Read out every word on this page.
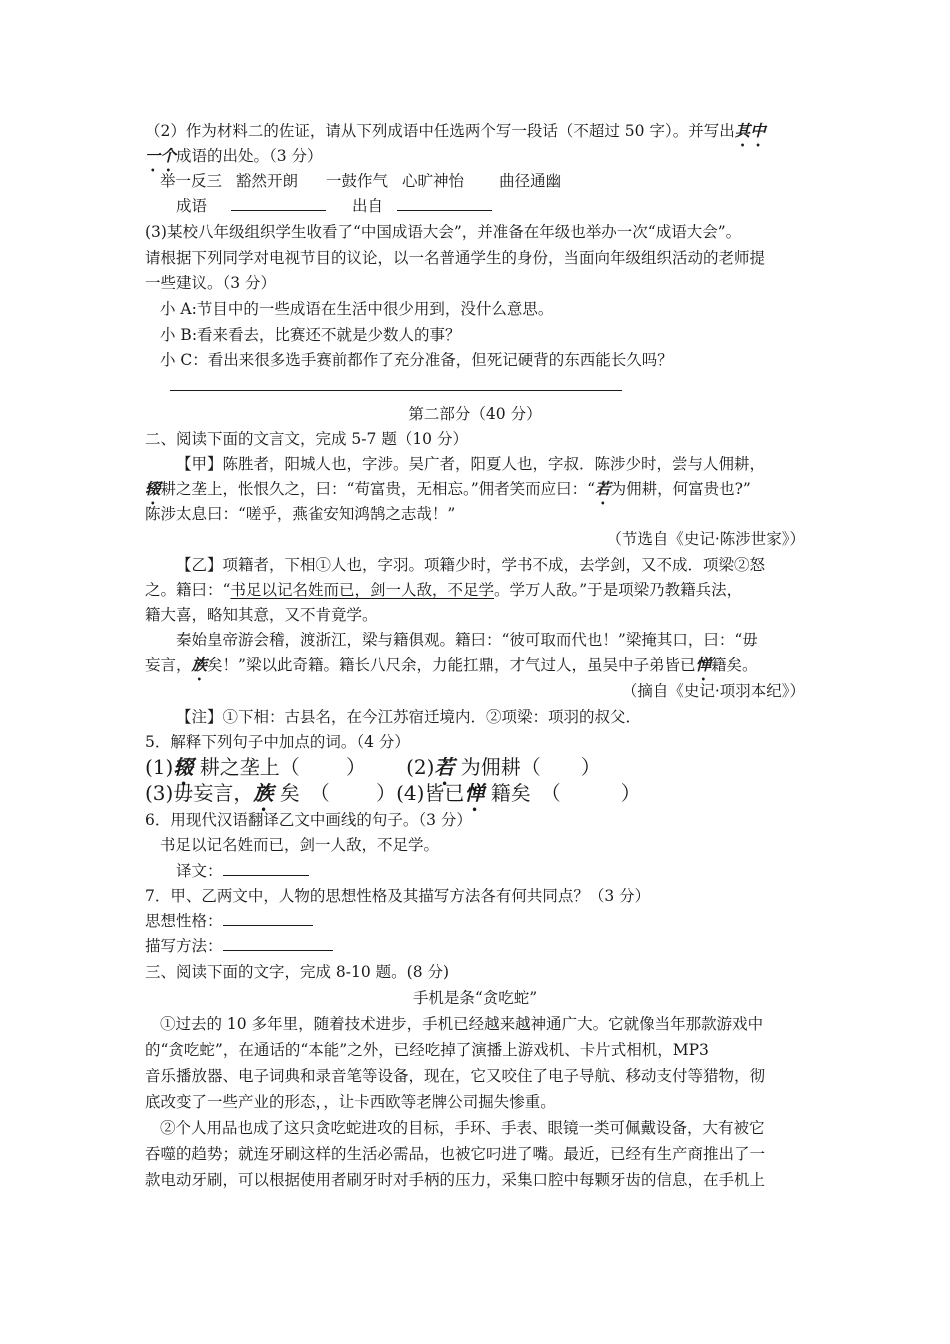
（2）作为材料二的佐证，请从下列成语中任选两个写一段话（不超过 50 字）。并写出其中
一个成语的出处。（3 分）
举一反三 豁然开朗 一鼓作气 心旷神怡 曲径通幽
成语	出自
(3)某校八年级组织学生收看了“中国成语大会”，并准备在年级也举办一次“成语大会”。
请根据下列同学对电视节目的议论，以一名普通学生的身份，当面向年级组织活动的老师提
一些建议。（3 分）
小 A:节目中的一些成语在生活中很少用到，没什么意思。
小 B:看来看去，比赛还不就是少数人的事？
小 C：看出来很多选手赛前都作了充分准备，但死记硬背的东西能长久吗？
第二部分（40 分）
二、阅读下面的文言文，完成 5-7 题（10 分）
【甲】陈胜者，阳城人也，字涉。吴广者，阳夏人也，字叔．陈涉少时，尝与人佣耕，
辍耕之垄上，怅恨久之，曰：“苟富贵，无相忘。”佣者笑而应曰：“若为佣耕，何富贵也?”
陈涉太息曰：“嗟乎，燕雀安知鸿鹄之志哉！”
（节选自《史记·陈涉世家》）
【乙】项籍者，下相①人也，字羽。项籍少时，学书不成，去学剑，又不成．项梁②怒
之。籍曰：“书足以记名姓而已，剑一人敌，不足学。学万人敌。”于是项梁乃教籍兵法，
籍大喜，略知其意，又不肯竟学。
秦始皇帝游会稽，渡浙江，梁与籍俱观。籍曰：“彼可取而代也！”梁掩其口，曰：“毋
妄言，族矣！”梁以此奇籍。籍长八尺余，力能扛鼎，才气过人，虽吴中子弟皆已惮籍矣。
（摘自《史记·项羽本纪》）
【注】①下相：古县名，在今江苏宿迁境内．②项梁：项羽的叔父．
5．解释下列句子中加点的词。（4 分）
(1)辍 耕之垄上（　　 ） (2)若 为佣耕（　　）
(3)毋妄言，族 矣　（　　 ）(4)皆已惮 籍矣　（　　　）
6．用现代汉语翻译乙文中画线的句子。（3 分）
书足以记名姓而已，剑一人敌，不足学。
译文：
7．甲、乙两文中，人物的思想性格及其描写方法各有何共同点？（3 分）
思想性格：
描写方法：
三、阅读下面的文字，完成 8-10 题。(8 分)
手机是条“贪吃蛇”
①过去的 10 多年里，随着技术进步，手机已经越来越神通广大。它就像当年那款游戏中
的“贪吃蛇”，在通话的“本能”之外，已经吃掉了演播上游戏机、卡片式相机，MP3
音乐播放器、电子词典和录音笔等设备，现在，它又咬住了电子导航、移动支付等猎物，彻
底改变了一些产业的形态，，让卡西欧等老牌公司掘失惨重。
②个人用品也成了这只贪吃蛇进攻的目标，手环、手表、眼镜一类可佩戴设备，大有被它
吞噬的趋势；就连牙刷这样的生活必需品，也被它叼进了嘴。最近，已经有生产商推出了一
款电动牙刷，可以根据使用者刷牙时对手柄的压力，采集口腔中每颗牙齿的信息，在手机上
